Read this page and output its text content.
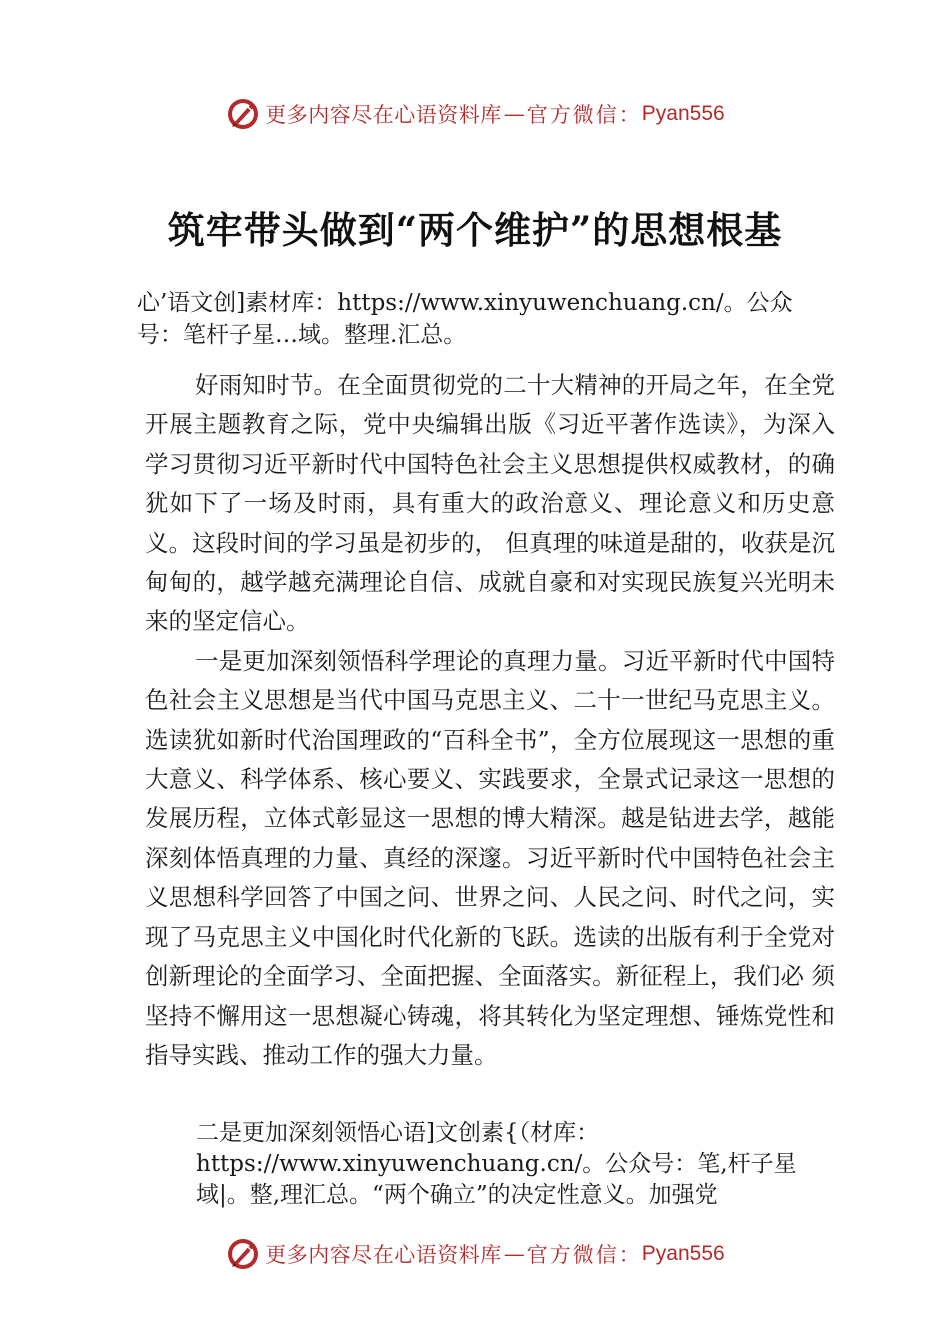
更多内容尽在心语资料库 — 官方微信： Pyan556
筑牢带头做到“两个维护”的思想根基
心’语文创]素材库：https://www.xinyuwenchuang.cn/。公众号：笔杆子星…域。整理.汇总。

好雨知时节。在全面贯彻党的二十大精神的开局之年，在全党开展主题教育之际，党中央编辑出版《习近平著作选读》，为深入学习贯彻习近平新时代中国特色社会主义思想提供权威教材，的确犹如下了一场及时雨，具有重大的政治意义、理论意义和历史意义。这段时间的学习虽是初步的， 但真理的味道是甜的，收获是沉甸甸的，越学越充满理论自信、成就自豪和对实现民族复兴光明未来的坚定信心。

一是更加深刻领悟科学理论的真理力量。习近平新时代中国特色社会主义思想是当代中国马克思主义、二十一世纪马克思主义。选读犹如新时代治国理政的“百科全书”，全方位展现这一思想的重大意义、科学体系、核心要义、实践要求，全景式记录这一思想的发展历程，立体式彰显这一思想的博大精深。越是钻进去学，越能深刻体悟真理的力量、真经的深邃。习近平新时代中国特色社会主义思想科学回答了中国之问、世界之问、人民之问、时代之问，实现了马克思主义中国化时代化新的飞跃。选读的出版有利于全党对创新理论的全面学习、全面把握、全面落实。新征程上，我们必 须坚持不懈用这一思想凝心铸魂，将其转化为坚定理想、锤炼党性和指导实践、推动工作的强大力量。

二是更加深刻领悟心语]文创素{（材库：https://www.xinyuwenchuang.cn/。公众号：笔,杆子星域|。整,理汇总。“两个确立”的决定性意义。加强党
更多内容尽在心语资料库 — 官方微信： Pyan556
